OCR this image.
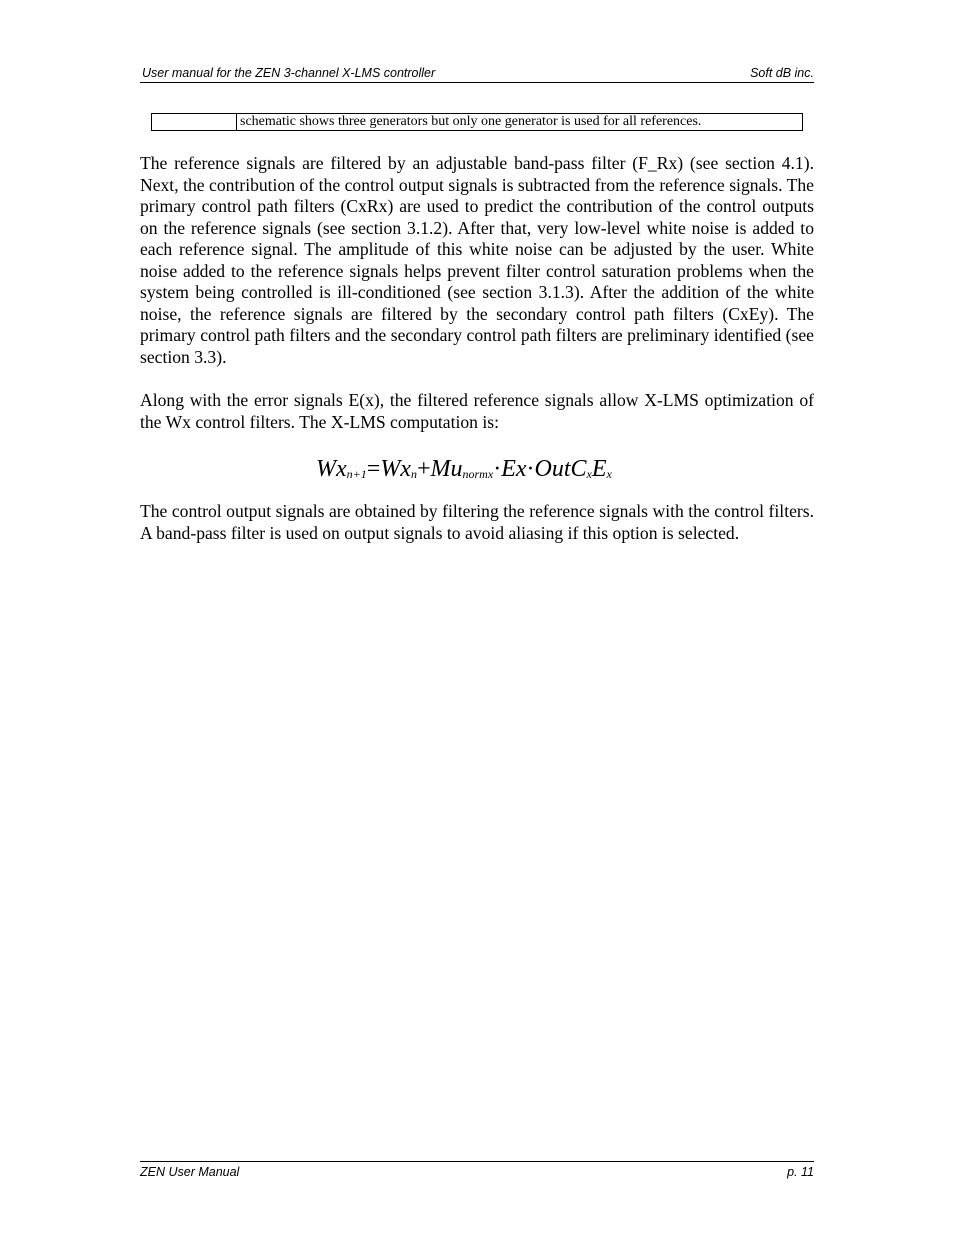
User manual for the ZEN 3-channel X-LMS controller	Soft dB inc.
schematic shows three generators but only one generator is used for all references.

The reference signals are filtered by an adjustable band-pass filter (F_Rx) (see section 4.1). Next, the contribution of the control output signals is subtracted from the reference signals. The primary control path filters (CxRx) are used to predict the contribution of the control outputs on the reference signals (see section 3.1.2). After that, very low-level white noise is added to each reference signal. The amplitude of this white noise can be adjusted by the user. White noise added to the reference signals helps prevent filter control saturation problems when the system being controlled is ill-conditioned (see section 3.1.3). After the addition of the white noise, the reference signals are filtered by the secondary control path filters (CxEy). The primary control path filters and the secondary control path filters are preliminary identified (see section 3.3).

Along with the error signals E(x), the filtered reference signals allow X-LMS optimization of the Wx control filters. The X-LMS computation is:

Wxn+1=Wxn+Munormx·Ex·OutCxEx

The control output signals are obtained by filtering the reference signals with the control filters. A band-pass filter is used on output signals to avoid aliasing if this option is selected.

ZEN User Manual	p. 11
